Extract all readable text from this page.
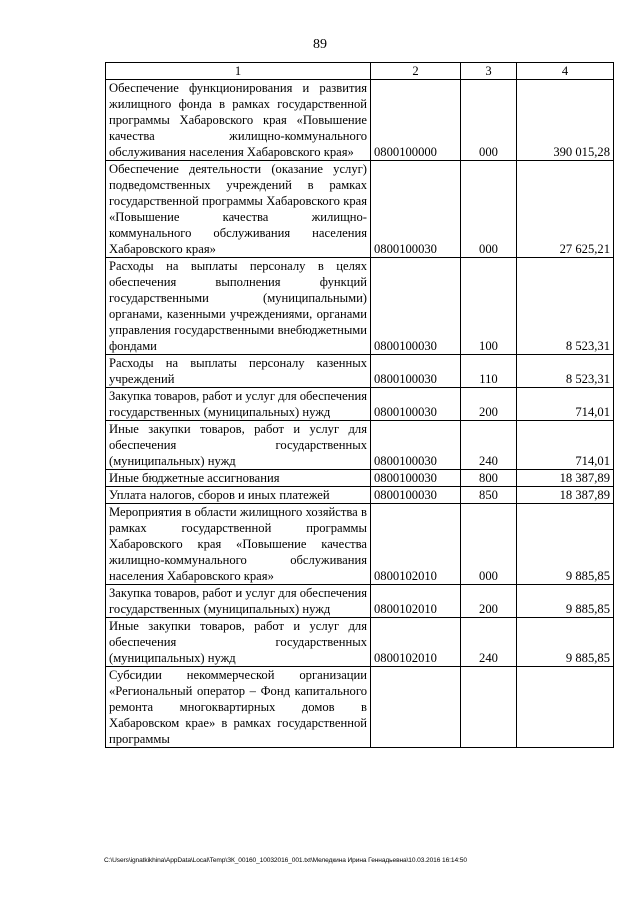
89
1	2	3	4
Обеспечение функционирования и развития жилищного фонда в рамках государственной программы Хабаровского края «Повышение качества жилищно-коммунального обслуживания населения Хабаровского края»	0800100000	000	390 015,28
Обеспечение деятельности (оказание услуг) подведомственных учреждений в рамках государственной программы Хабаровского края «Повышение качества жилищно-коммунального обслуживания населения Хабаровского края»	0800100030	000	27 625,21
Расходы на выплаты персоналу в целях обеспечения выполнения функций государственными (муниципальными) органами, казенными учреждениями, органами управления государственными внебюджетными фондами	0800100030	100	8 523,31
Расходы на выплаты персоналу казенных учреждений	0800100030	110	8 523,31
Закупка товаров, работ и услуг для обеспечения государственных (муниципальных) нужд	0800100030	200	714,01
Иные закупки товаров, работ и услуг для обеспечения государственных (муниципальных) нужд	0800100030	240	714,01
Иные бюджетные ассигнования	0800100030	800	18 387,89
Уплата налогов, сборов и иных платежей	0800100030	850	18 387,89
Мероприятия в области жилищного хозяйства в рамках государственной программы Хабаровского края «Повышение качества жилищно-коммунального обслуживания населения Хабаровского края»	0800102010	000	9 885,85
Закупка товаров, работ и услуг для обеспечения государственных (муниципальных) нужд	0800102010	200	9 885,85
Иные закупки товаров, работ и услуг для обеспечения государственных (муниципальных) нужд	0800102010	240	9 885,85
Субсидии некоммерческой организации «Региональный оператор – Фонд капитального ремонта многоквартирных домов в Хабаровском крае» в рамках государственной программы			
C:\Users\ignatkikhina\AppData\Local\Temp\ЗК_00160_10032016_001.txt\Меледкина Ирина Геннадьевна\10.03.2016 16:14:50
